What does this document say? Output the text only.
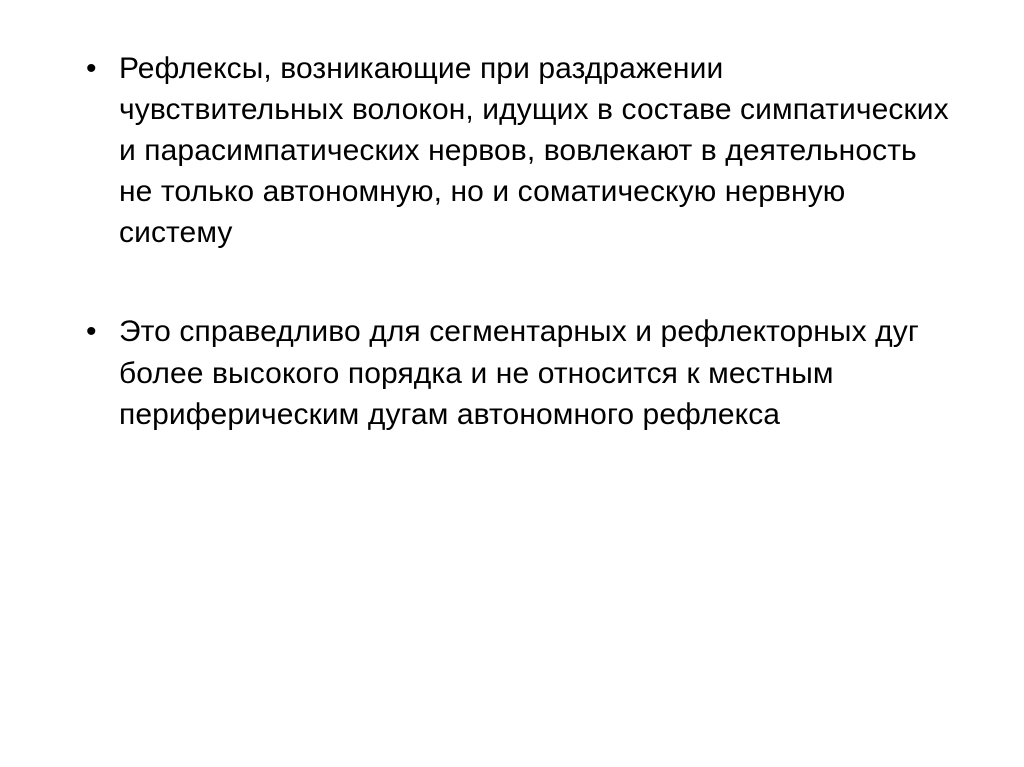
• Рефлексы, возникающие при раздражении чувствительных волокон, идущих в составе симпатических и парасимпатических нервов, вовлекают в деятельность не только автономную, но и соматическую нервную систему
• Это справедливо для сегментарных и рефлекторных дуг более высокого порядка и не относится к местным периферическим дугам автономного рефлекса
